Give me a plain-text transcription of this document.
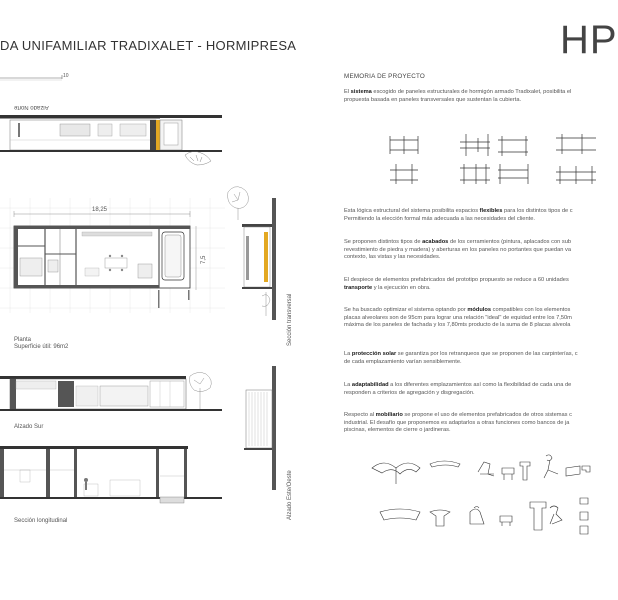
DA UNIFAMILIAR TRADIXALET - HORMIPRESA	HP
10
Alzado Norte
18,25
7,5
Planta
Superficie útil: 96m2
Sección transversal
Alzado Sur
Alzado Este/Oeste
Sección longitudinal
MEMORIA DE PROYECTO
El sistema escogido de paneles estructurales de hormigón armado Tradixalet, posibilita el
propuesta basada en paneles transversales que sustentan la cubierta.
Esta lógica estructural del sistema posibilita espacios flexibles para los distintos tipos de c
Permitiendo la elección formal más adecuada a las necesidades del cliente.
Se proponen distintos tipos de acabados de los cerramientos (pintura, aplacados con sub
revestimiento de piedra y madera) y aberturas en los paneles no portantes que puedan va
contexto, las vistas y las necesidades.
El despiece de elementos prefabricados del prototipo propuesto se reduce a 60 unidades
transporte y la ejecución en obra.
Se ha buscado optimizar el sistema optando por módulos compatibles con los elementos
placas alveolares son de 95cm para lograr una relación "ideal" de equidad entre los 7,50m
máxima de los paneles de fachada y los 7,80mts producto de la suma de 8 placas alveola
La protección solar se garantiza por los retranqueos que se proponen de las carpinterías, c
de cada emplazamiento varían sensiblemente.
La adaptabilidad a los diferentes emplazamientos así como la flexibilidad de cada una de
responden a criterios de agregación y disgregación.
Respecto al mobiliario se propone el uso de elementos prefabricados de otros sistemas c
industrial. El desafío que proponemos es adaptarlos a otras funciones como bancos de ja
piscinas, elementos de cierre o jardineras.
